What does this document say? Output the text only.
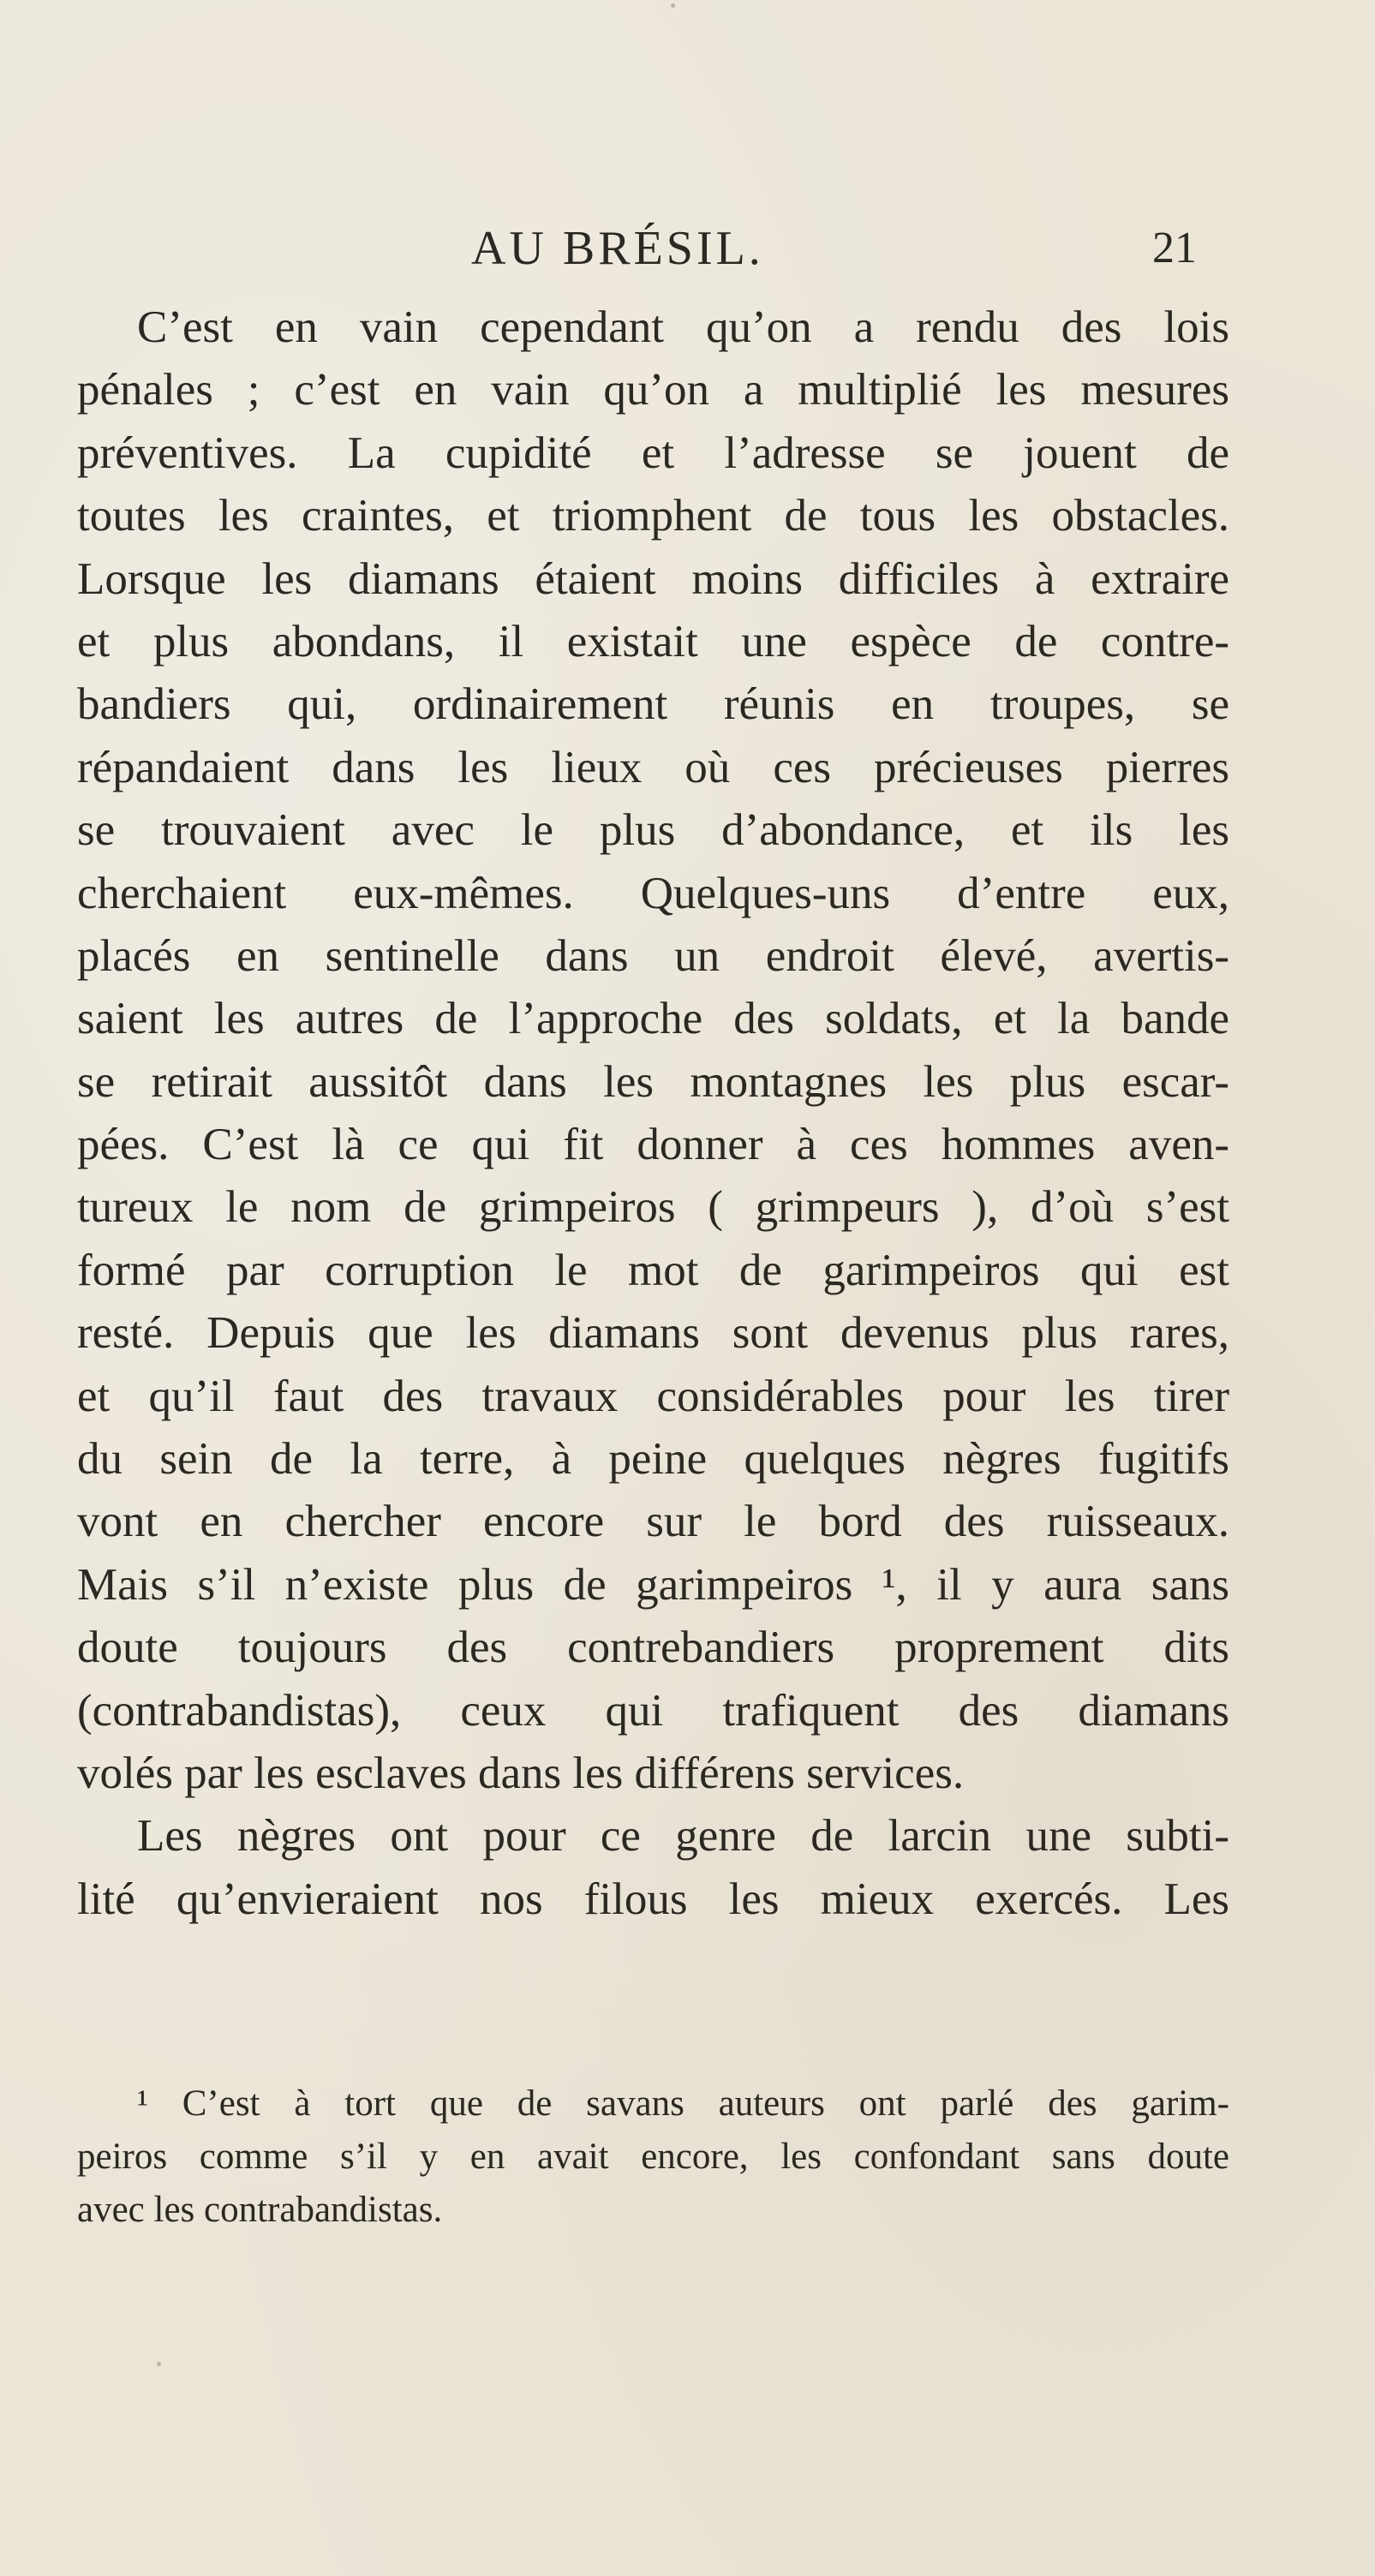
AU BRÉSIL.	21
C’est en vain cependant qu’on a rendu des lois
pénales ; c’est en vain qu’on a multiplié les mesures
préventives. La cupidité et l’adresse se jouent de
toutes les craintes, et triomphent de tous les obstacles.
Lorsque les diamans étaient moins difficiles à extraire
et plus abondans, il existait une espèce de contre-
bandiers qui, ordinairement réunis en troupes, se
répandaient dans les lieux où ces précieuses pierres
se trouvaient avec le plus d’abondance, et ils les
cherchaient eux-mêmes. Quelques-uns d’entre eux,
placés en sentinelle dans un endroit élevé, avertis-
saient les autres de l’approche des soldats, et la bande
se retirait aussitôt dans les montagnes les plus escar-
pées. C’est là ce qui fit donner à ces hommes aven-
tureux le nom de grimpeiros ( grimpeurs ), d’où s’est
formé par corruption le mot de garimpeiros qui est
resté. Depuis que les diamans sont devenus plus rares,
et qu’il faut des travaux considérables pour les tirer
du sein de la terre, à peine quelques nègres fugitifs
vont en chercher encore sur le bord des ruisseaux.
Mais s’il n’existe plus de garimpeiros ¹, il y aura sans
doute toujours des contrebandiers proprement dits
(contrabandistas), ceux qui trafiquent des diamans
volés par les esclaves dans les différens services.
Les nègres ont pour ce genre de larcin une subti-
lité qu’envieraient nos filous les mieux exercés. Les
¹ C’est à tort que de savans auteurs ont parlé des garim-
peiros comme s’il y en avait encore, les confondant sans doute
avec les contrabandistas.
